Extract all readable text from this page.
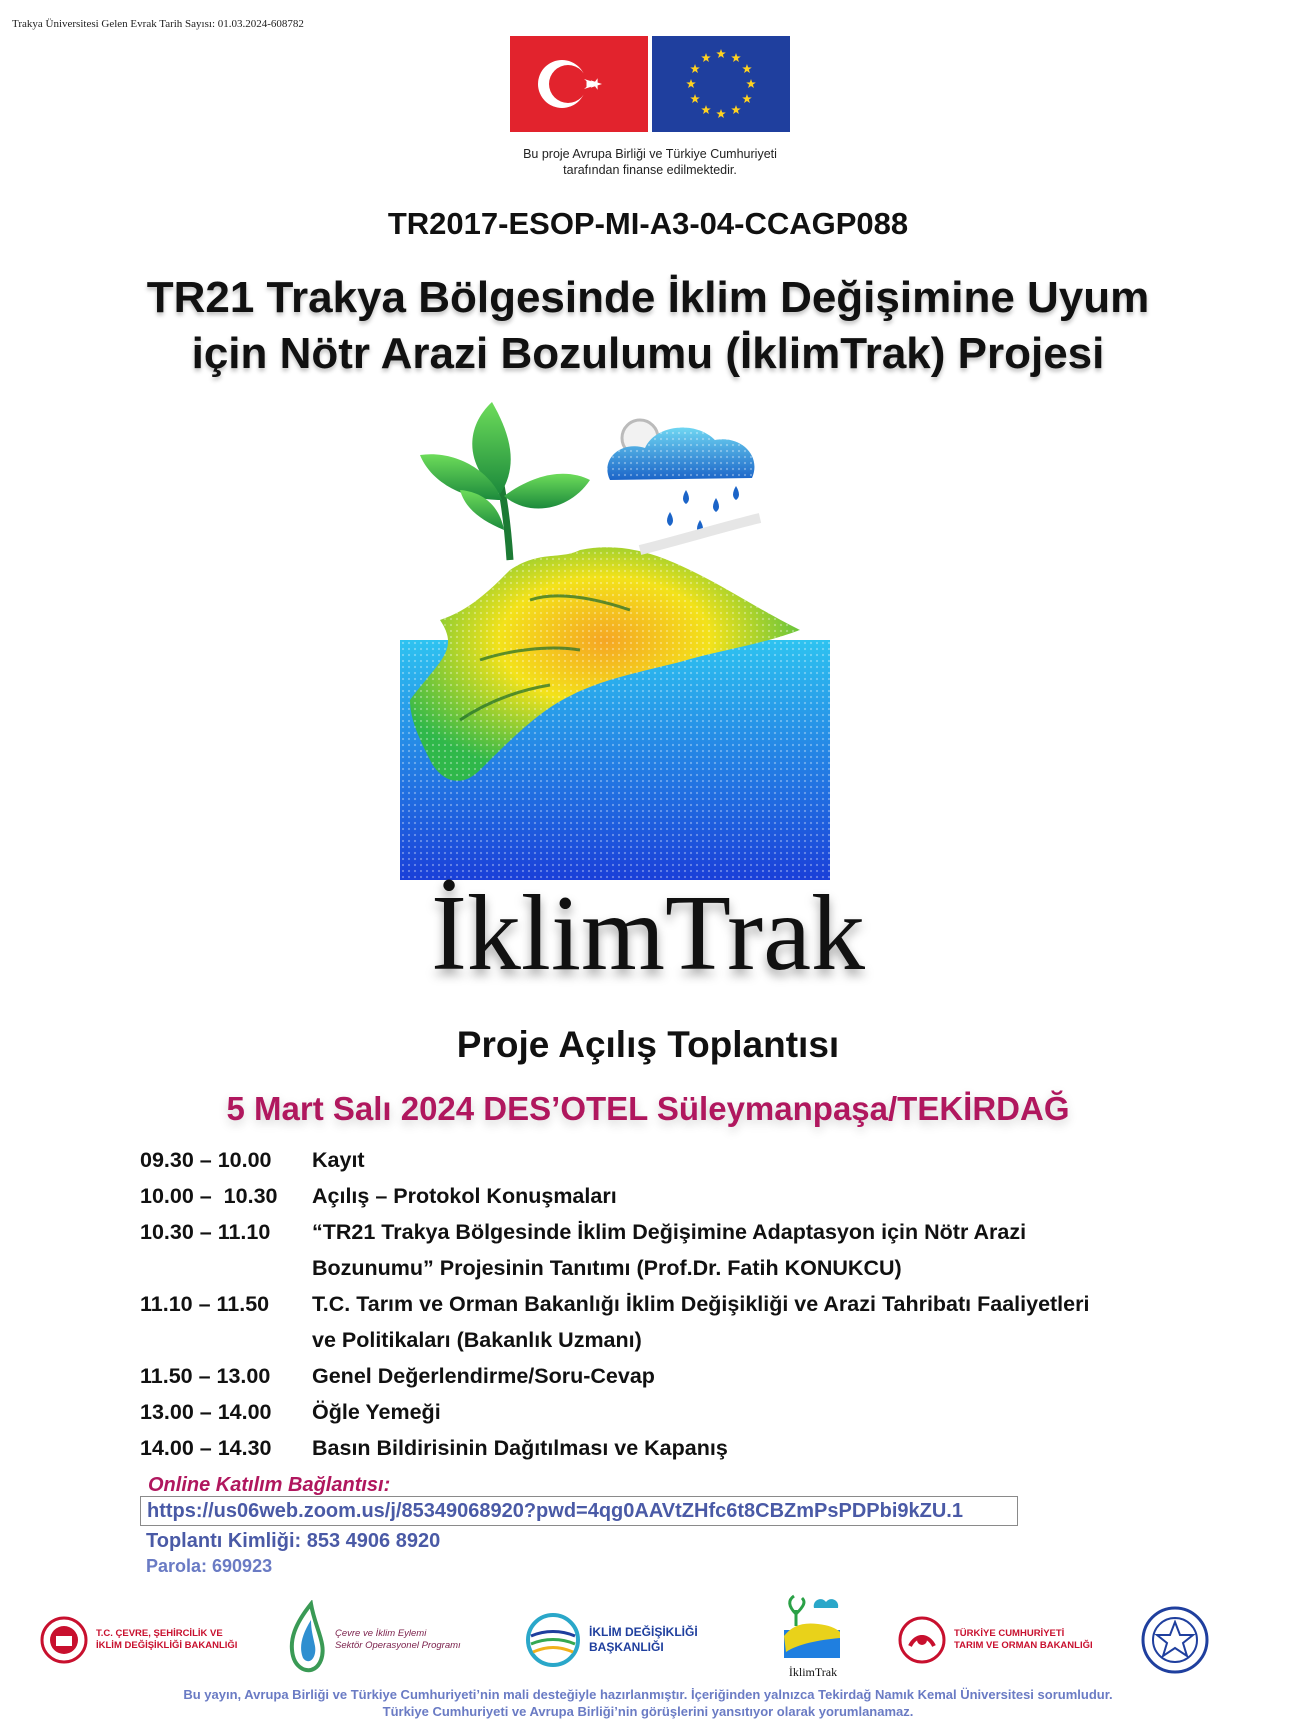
Trakya Üniversitesi Gelen Evrak Tarih Sayısı: 01.03.2024-608782
Bu proje Avrupa Birliği ve Türkiye Cumhuriyeti
tarafından finanse edilmektedir.
TR2017-ESOP-MI-A3-04-CCAGP088
TR21 Trakya Bölgesinde İklim Değişimine Uyum
için Nötr Arazi Bozulumu (İklimTrak) Projesi
İklimTrak
Proje Açılış Toplantısı
5 Mart Salı 2024 DES’OTEL Süleymanpaşa/TEKİRDAĞ
09.30 – 10.00	Kayıt
10.00 –  10.30	Açılış – Protokol Konuşmaları
10.30 – 11.10	“TR21 Trakya Bölgesinde İklim Değişimine Adaptasyon için Nötr Arazi
Bozunumu” Projesinin Tanıtımı (Prof.Dr. Fatih KONUKCU)
11.10 – 11.50	T.C. Tarım ve Orman Bakanlığı İklim Değişikliği ve Arazi Tahribatı Faaliyetleri
ve Politikaları (Bakanlık Uzmanı)
11.50 – 13.00	Genel Değerlendirme/Soru-Cevap
13.00 – 14.00	Öğle Yemeği
14.00 – 14.30	Basın Bildirisinin Dağıtılması ve Kapanış
Online Katılım Bağlantısı:
https://us06web.zoom.us/j/85349068920?pwd=4qg0AAVtZHfc6t8CBZmPsPDPbi9kZU.1
Toplantı Kimliği: 853 4906 8920
Parola: 690923
T.C. ÇEVRE, ŞEHİRCİLİK VE
İKLİM DEĞİŞİKLİĞİ BAKANLIĞI
Çevre ve İklim Eylemi
Sektör Operasyonel Programı
İKLİM DEĞİŞİKLİĞİ
BAŞKANLIĞI
İklimTrak
TÜRKİYE CUMHURİYETİ
TARIM VE ORMAN BAKANLIĞI
Bu yayın, Avrupa Birliği ve Türkiye Cumhuriyeti’nin mali desteğiyle hazırlanmıştır. İçeriğinden yalnızca Tekirdağ Namık Kemal Üniversitesi sorumludur.
Türkiye Cumhuriyeti ve Avrupa Birliği’nin görüşlerini yansıtıyor olarak yorumlanamaz.
